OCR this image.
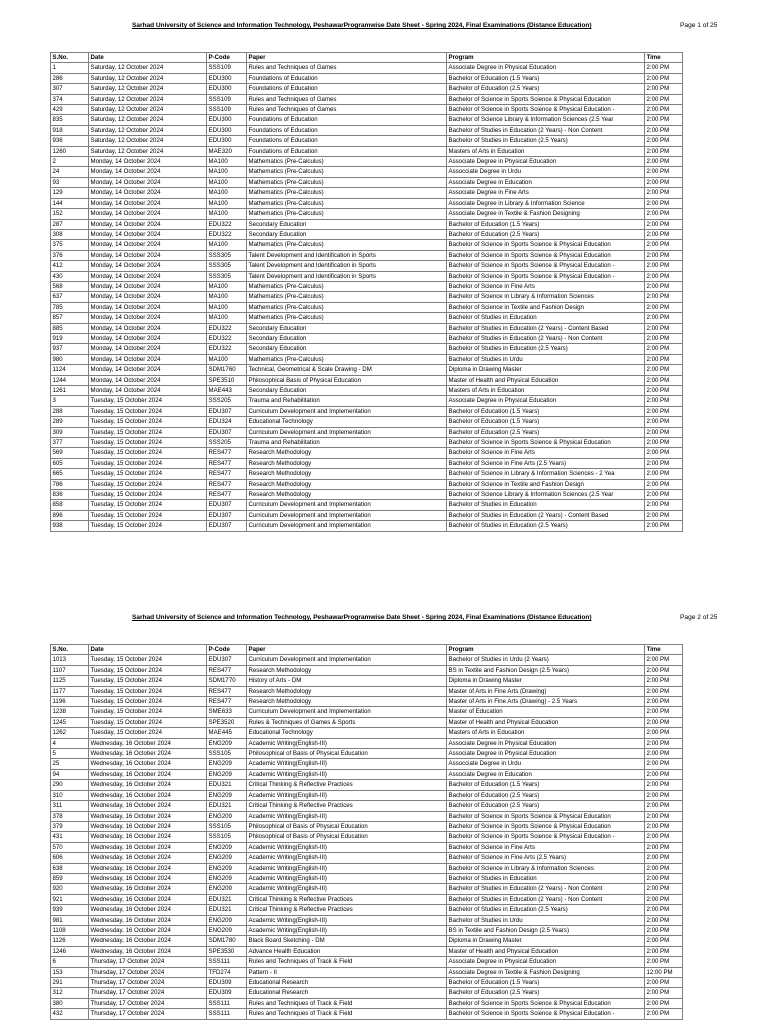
Sarhad University of Science and Information Technology, PeshawarProgramwise Date Sheet - Spring 2024, Final Examinations (Distance Education)	Page 1 of 25
S.No.	Date	P-Code	Paper	Program	Time
1	Saturday, 12 October 2024	SSS109	Rules and Techniques of Games	Associate Degree in Physical Education	2:00 PM
286	Saturday, 12 October 2024	EDU300	Foundations of Education	Bachelor of Education (1.5 Years)	2:00 PM
307	Saturday, 12 October 2024	EDU300	Foundations of Education	Bachelor of Education (2.5 Years)	2:00 PM
374	Saturday, 12 October 2024	SSS109	Rules and Techniques of Games	Bachelor of Science in Sports Science & Physical Education	2:00 PM
429	Saturday, 12 October 2024	SSS109	Rules and Techniques of Games	Bachelor of Science in Sports Science & Physical Education -	2:00 PM
835	Saturday, 12 October 2024	EDU300	Foundations of Education	Bachelor of Science Library & Information Sciences (2.5 Year	2:00 PM
918	Saturday, 12 October 2024	EDU300	Foundations of Education	Bachelor of Studies in Education (2 Years) - Non Content	2:00 PM
936	Saturday, 12 October 2024	EDU300	Foundations of Education	Bachelor of Studies in Education (2.5 Years)	2:00 PM
1260	Saturday, 12 October 2024	MAE320	Foundations of Education	Masters of Arts in Education	2:00 PM
2	Monday, 14 October 2024	MA100	Mathematics (Pre-Calculus)	Associate Degree in Physical Education	2:00 PM
24	Monday, 14 October 2024	MA100	Mathematics (Pre-Calculus)	Assocciate Degree in Urdu	2:00 PM
93	Monday, 14 October 2024	MA100	Mathematics (Pre-Calculus)	Associate Degree in Education	2:00 PM
129	Monday, 14 October 2024	MA100	Mathematics (Pre-Calculus)	Associate Degree in Fine Arts	2:00 PM
144	Monday, 14 October 2024	MA100	Mathematics (Pre-Calculus)	Associate Degree in Library & Information Science	2:00 PM
152	Monday, 14 October 2024	MA100	Mathematics (Pre-Calculus)	Associate Degree in Textile & Fashion Designing	2:00 PM
287	Monday, 14 October 2024	EDU322	Secondary Education	Bachelor of Education (1.5 Years)	2:00 PM
308	Monday, 14 October 2024	EDU322	Secondary Education	Bachelor of Education (2.5 Years)	2:00 PM
375	Monday, 14 October 2024	MA100	Mathematics (Pre-Calculus)	Bachelor of Science in Sports Science & Physical Education	2:00 PM
376	Monday, 14 October 2024	SSS305	Talent Development and Identification in Sports	Bachelor of Science in Sports Science & Physical Education	2:00 PM
412	Monday, 14 October 2024	SSS305	Talent Development and Identification in Sports	Bachelor of Science in Sports Science & Physical Education -	2:00 PM
430	Monday, 14 October 2024	SSS305	Talent Development and Identification in Sports	Bachelor of Science in Sports Science & Physical Education -	2:00 PM
568	Monday, 14 October 2024	MA100	Mathematics (Pre-Calculus)	Bachelor of Science in Fine Arts	2:00 PM
637	Monday, 14 October 2024	MA100	Mathematics (Pre-Calculus)	Bachelor of Science in Library & Information Sciences	2:00 PM
785	Monday, 14 October 2024	MA100	Mathematics (Pre-Calculus)	Bachelor of Science in Textile and Fashion Design	2:00 PM
857	Monday, 14 October 2024	MA100	Mathematics (Pre-Calculus)	Bachelor of Studies in Education	2:00 PM
885	Monday, 14 October 2024	EDU322	Secondary Education	Bachelor of Studies in Education (2 Years) - Content Based	2:00 PM
919	Monday, 14 October 2024	EDU322	Secondary Education	Bachelor of Studies in Education (2 Years) - Non Content	2:00 PM
937	Monday, 14 October 2024	EDU322	Secondary Education	Bachelor of Studies in Education (2.5 Years)	2:00 PM
980	Monday, 14 October 2024	MA100	Mathematics (Pre-Calculus)	Bachelor of Studies in Urdu	2:00 PM
1124	Monday, 14 October 2024	SDM1760	Technical, Geometrical & Scale Drawing - DM	Diploma in Drawing Master	2:00 PM
1244	Monday, 14 October 2024	SPE3510	Philosophical Basis of Physical Education	Master of Health and Physical Education	2:00 PM
1261	Monday, 14 October 2024	MAE443	Secondary Education	Masters of Arts in Education	2:00 PM
3	Tuesday, 15 October 2024	SSS205	Trauma and Rehabilitation	Associate Degree in Physical Education	2:00 PM
288	Tuesday, 15 October 2024	EDU307	Curriculum Development and Implementation	Bachelor of Education (1.5 Years)	2:00 PM
289	Tuesday, 15 October 2024	EDU324	Educational Technology	Bachelor of Education (1.5 Years)	2:00 PM
309	Tuesday, 15 October 2024	EDU307	Curriculum Development and Implementation	Bachelor of Education (2.5 Years)	2:00 PM
377	Tuesday, 15 October 2024	SSS205	Trauma and Rehabilitation	Bachelor of Science in Sports Science & Physical Education	2:00 PM
569	Tuesday, 15 October 2024	RES477	Research Methodology	Bachelor of Science in Fine Arts	2:00 PM
605	Tuesday, 15 October 2024	RES477	Research Methodology	Bachelor of Science in Fine Arts (2.5 Years)	2:00 PM
665	Tuesday, 15 October 2024	RES477	Research Methodology	Bachelor of Science in Library & Information Sciences - 2 Yea	2:00 PM
786	Tuesday, 15 October 2024	RES477	Research Methodology	Bachelor of Science in Textile and Fashion Design	2:00 PM
836	Tuesday, 15 October 2024	RES477	Research Methodology	Bachelor of Science Library & Information Sciences (2.5 Year	2:00 PM
858	Tuesday, 15 October 2024	EDU307	Curriculum Development and Implementation	Bachelor of Studies in Education	2:00 PM
896	Tuesday, 15 October 2024	EDU307	Curriculum Development and Implementation	Bachelor of Studies in Education (2 Years) - Content Based	2:00 PM
938	Tuesday, 15 October 2024	EDU307	Curriculum Development and Implementation	Bachelor of Studies in Education (2.5 Years)	2:00 PM
Sarhad University of Science and Information Technology, PeshawarProgramwise Date Sheet - Spring 2024, Final Examinations (Distance Education)	Page 2 of 25
S.No.	Date	P-Code	Paper	Program	Time
1013	Tuesday, 15 October 2024	EDU307	Curriculum Development and Implementation	Bachelor of Studies in Urdu (2 Years)	2:00 PM
1107	Tuesday, 15 October 2024	RES477	Research Methodology	BS in Textile and Fashion Design (2.5 Years)	2:00 PM
1125	Tuesday, 15 October 2024	SDM1770	History of Arts - DM	Diploma in Drawing Master	2:00 PM
1177	Tuesday, 15 October 2024	RES477	Research Methodology	Master of Arts in Fine Arts (Drawing)	2:00 PM
1196	Tuesday, 15 October 2024	RES477	Research Methodology	Master of Arts in Fine Arts (Drawing) - 2.5 Years	2:00 PM
1238	Tuesday, 15 October 2024	SME633	Curriculum Development and Implementation	Master of Education	2:00 PM
1245	Tuesday, 15 October 2024	SPE3520	Rules & Techniques of Games & Sports	Master of Health and Physical Education	2:00 PM
1262	Tuesday, 15 October 2024	MAE445	Educational Technology	Masters of Arts in Education	2:00 PM
4	Wednesday, 16 October 2024	ENG209	Academic Writing(English-III)	Associate Degree in Physical Education	2:00 PM
5	Wednesday, 16 October 2024	SSS105	Philosophical of Basis of Physical Education	Associate Degree in Physical Education	2:00 PM
25	Wednesday, 16 October 2024	ENG209	Academic Writing(English-III)	Assocciate Degree in Urdu	2:00 PM
94	Wednesday, 16 October 2024	ENG209	Academic Writing(English-III)	Associate Degree in Education	2:00 PM
290	Wednesday, 16 October 2024	EDU321	Critical Thinking & Reflective Practices	Bachelor of Education (1.5 Years)	2:00 PM
310	Wednesday, 16 October 2024	ENG209	Academic Writing(English-III)	Bachelor of Education (2.5 Years)	2:00 PM
311	Wednesday, 16 October 2024	EDU321	Critical Thinking & Reflective Practices	Bachelor of Education (2.5 Years)	2:00 PM
378	Wednesday, 16 October 2024	ENG209	Academic Writing(English-III)	Bachelor of Science in Sports Science & Physical Education	2:00 PM
379	Wednesday, 16 October 2024	SSS105	Philosophical of Basis of Physical Education	Bachelor of Science in Sports Science & Physical Education	2:00 PM
431	Wednesday, 16 October 2024	SSS105	Philosophical of Basis of Physical Education	Bachelor of Science in Sports Science & Physical Education -	2:00 PM
570	Wednesday, 16 October 2024	ENG209	Academic Writing(English-III)	Bachelor of Science in Fine Arts	2:00 PM
606	Wednesday, 16 October 2024	ENG209	Academic Writing(English-III)	Bachelor of Science in Fine Arts (2.5 Years)	2:00 PM
638	Wednesday, 16 October 2024	ENG209	Academic Writing(English-III)	Bachelor of Science in Library & Information Sciences	2:00 PM
859	Wednesday, 16 October 2024	ENG209	Academic Writing(English-III)	Bachelor of Studies in Education	2:00 PM
920	Wednesday, 16 October 2024	ENG209	Academic Writing(English-III)	Bachelor of Studies in Education (2 Years) - Non Content	2:00 PM
921	Wednesday, 16 October 2024	EDU321	Critical Thinking & Reflective Practices	Bachelor of Studies in Education (2 Years) - Non Content	2:00 PM
939	Wednesday, 16 October 2024	EDU321	Critical Thinking & Reflective Practices	Bachelor of Studies in Education (2.5 Years)	2:00 PM
981	Wednesday, 16 October 2024	ENG209	Academic Writing(English-III)	Bachelor of Studies in Urdu	2:00 PM
1108	Wednesday, 16 October 2024	ENG209	Academic Writing(English-III)	BS in Textile and Fashion Design (2.5 Years)	2:00 PM
1126	Wednesday, 16 October 2024	SDM1780	Black Board Sketching - DM	Diploma in Drawing Master	2:00 PM
1246	Wednesday, 16 October 2024	SPE3530	Advance Health Education	Master of Health and Physical Education	2:00 PM
6	Thursday, 17 October 2024	SSS111	Rules and Techniques of Track & Field	Associate Degree in Physical Education	2:00 PM
153	Thursday, 17 October 2024	TFD274	Pattern - II	Associate Degree in Textile & Fashion Designing	12:00 PM
291	Thursday, 17 October 2024	EDU309	Educational Research	Bachelor of Education (1.5 Years)	2:00 PM
312	Thursday, 17 October 2024	EDU309	Educational Research	Bachelor of Education (2.5 Years)	2:00 PM
380	Thursday, 17 October 2024	SSS111	Rules and Techniques of Track & Field	Bachelor of Science in Sports Science & Physical Education	2:00 PM
432	Thursday, 17 October 2024	SSS111	Rules and Techniques of Track & Field	Bachelor of Science in Sports Science & Physical Education -	2:00 PM
